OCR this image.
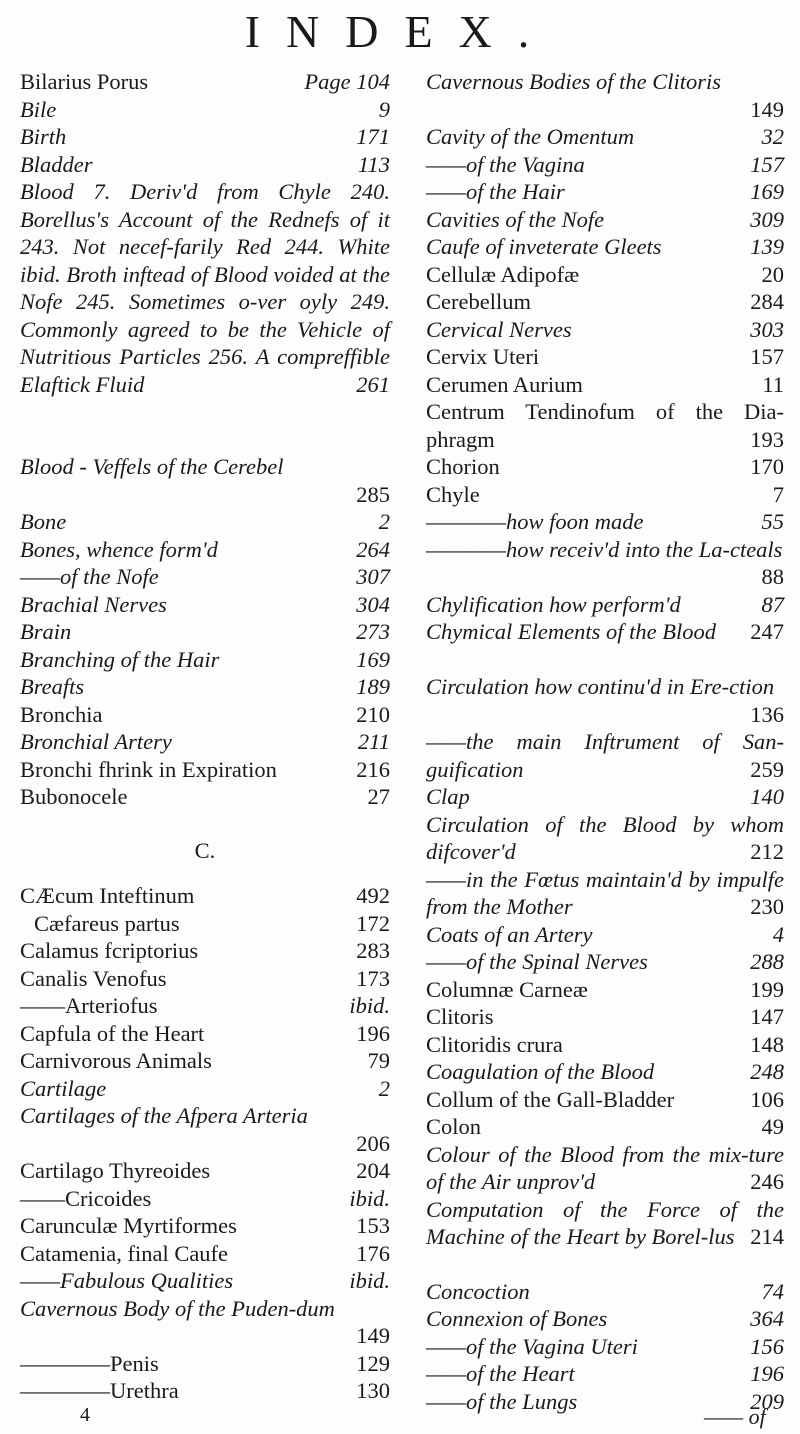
INDEX.
Bilarius Porus	Page 104
Bile	9
Birth	171
Bladder	113
Blood 7. Deriv'd from Chyle 240. Borellus's Account of the Rednefs of it 243. Not necef-farily Red 244. White ibid. Broth inftead of Blood voided at the Nofe 245. Sometimes o-ver oyly 249. Commonly agreed to be the Vehicle of Nutritious Particles 256. A compreffible Elaftick Fluid	261
Blood - Veffels of the Cerebel
285
Bone	2
Bones, whence form'd	264
——of the Nofe	307
Brachial Nerves	304
Brain	273
Branching of the Hair	169
Breafts	189
Bronchia	210
Bronchial Artery	211
Bronchi fhrink in Expiration	216
Bubonocele	27
C.
CÆcum Inteftinum	492
Cæfareus partus	172
Calamus fcriptorius	283
Canalis Venofus	173
——Arteriofus	ibid.
Capfula of the Heart	196
Carnivorous Animals	79
Cartilage	2
Cartilages of the Afpera Arteria
206
Cartilago Thyreoides	204
——Cricoides	ibid.
Carunculæ Myrtiformes	153
Catamenia, final Caufe	176
——Fabulous Qualities	ibid.
Cavernous Body of the Puden-dum
149
————Penis	129
————Urethra	130
Cavernous Bodies of the Clitoris
149
Cavity of the Omentum	32
——of the Vagina	157
——of the Hair	169
Cavities of the Nofe	309
Caufe of inveterate Gleets	139
Cellulæ Adipofæ	20
Cerebellum	284
Cervical Nerves	303
Cervix Uteri	157
Cerumen Aurium	11
Centrum Tendinofum of the Dia-phragm	193
Chorion	170
Chyle	7
————how foon made	55
————how receiv'd into the La-cteals
88
Chylification how perform'd	87
Chymical Elements of the Blood 247
Circulation how continu'd in Ere-ction
136
——the main Inftrument of San-guification	259
Clap	140
Circulation of the Blood by whom difcover'd	212
——in the Fœtus maintain'd by impulfe from the Mother	230
Coats of an Artery	4
——of the Spinal Nerves	288
Columnæ Carneæ	199
Clitoris	147
Clitoridis crura	148
Coagulation of the Blood	248
Collum of the Gall-Bladder	106
Colon	49
Colour of the Blood from the mix-ture of the Air unprov'd	246
Computation of the Force of the Machine of the Heart by Borel-lus 214
Concoction	74
Connexion of Bones	364
——of the Vagina Uteri	156
——of the Heart	196
——of the Lungs	209
4	—— of
